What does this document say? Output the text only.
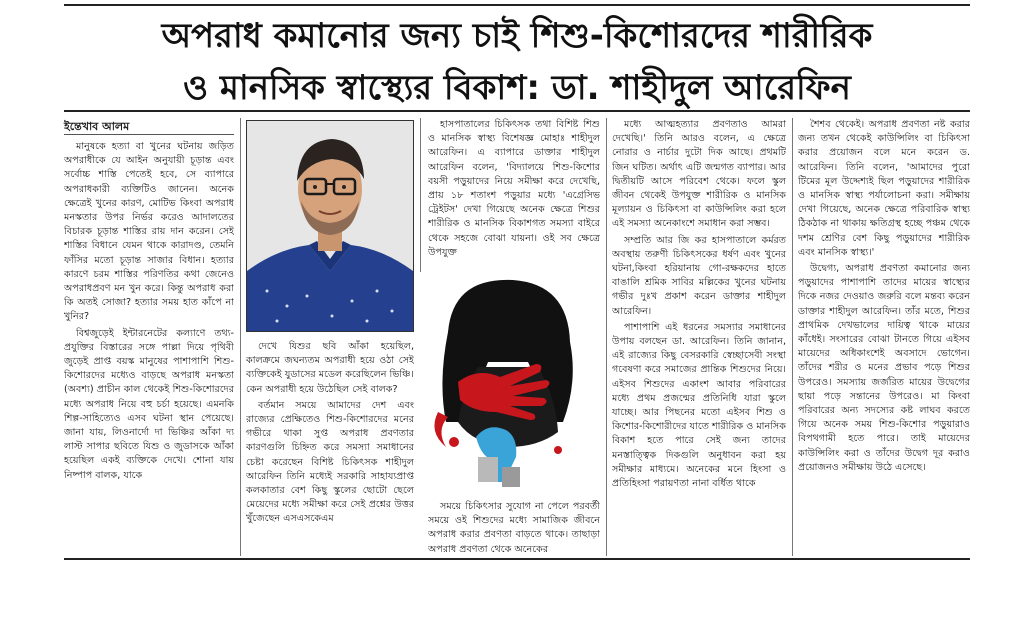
অপরাধ কমানোর জন্য চাই শিশু-কিশোরদের শারীরিক
ও মানসিক স্বাস্থ্যের বিকাশ: ডা. শাহীদুল আরেফিন
ইন্তেখাব আলম

মানুষকে হত্যা বা খুনের ঘটনায় জড়িত অপরাধীকে যে আইন অনুযায়ী চূড়ান্ত এবং সর্বোচ্চ শাস্তি পেতেই হবে, সে ব্যাপারে অপরাধকারী ব্যক্তিটিও জানেন। অনেক ক্ষেত্রেই খুনের কারণ, মোটিভ কিংবা অপরাধ মনস্কতার উপর নির্ভর করেও আদালতের বিচারক চূড়ান্ত শাস্তির রায় দান করেন। সেই শাস্তির বিধানে যেমন থাকে কারাদণ্ড, তেমনি ফাঁসির মতো চূড়ান্ত সাজার বিধান। হত্যার কারণে চরম শাস্তির পরিণতির কথা জেনেও অপরাধপ্রবণ মন খুন করে। কিন্তু অপরাধ করা কি অতই সোজা? হত্যার সময় হাত কাঁপে না খুনির?

বিশ্বজুড়েই ইন্টারনেটের কল্যাণে তথ্য-প্রযুক্তির বিস্তারের সঙ্গে পাল্লা দিয়ে পৃথিবী জুড়েই প্রাপ্ত বয়স্ক মানুষের পাশাপাশি শিশু-কিশোরদের মধ্যেও বাড়ছে অপরাধ মনস্কতা (অবশ্য) প্রাচীন কাল থেকেই শিশু-কিশোরদের মধ্যে অপরাধ নিয়ে বহু চর্চা হয়েছে। এমনকি শিল্প-সাহিত্যেও এসব ঘটনা স্থান পেয়েছে। জানা যায়, লিওনার্দো দা ভিঞ্চির আঁকা দ্য লাস্ট সাপার ছবিতে যিশু ও জুডাসকে আঁকা হয়েছিল একই ব্যক্তিকে দেখে। শোনা যায় নিষ্পাপ বালক, যাকে

দেখে যিশুর ছবি আঁকা হয়েছিল, কালক্রমে জঘন্যতম অপরাধী হয়ে ওঠা সেই ব্যক্তিকেই যুডাসের মডেল করেছিলেন ভিঞ্চি। কেন অপরাধী হয়ে উঠেছিল সেই বালক?

বর্তমান সময়ে আমাদের দেশ এবং রাজ্যের প্রেক্ষিতেও শিশু-কিশোরদের মনের গভীরে থাকা সুপ্ত অপরাধ প্রবণতার কারণগুলি চিহ্নিত করে সমস্যা সমাধানের চেষ্টা করেছেন বিশিষ্ট চিকিৎসক শাহীদুল আরেফিন তিনি মধ্যেই সরকারি সাহায্যপ্রাপ্ত কলকাতার বেশ কিছু স্কুলের ছোটো ছেলে মেয়েদের মধ্যে সমীক্ষা করে সেই প্রশ্নের উত্তর খুঁজেছেন এসএসকেএম

হাসপাতালের চিকিৎসক তথা বিশিষ্ট শিশু ও মানসিক স্বাস্থ্য বিশেষজ্ঞ মোহাঃ শাহীদুল আরেফিন। এ ব্যাপারে ডাক্তার শাহীদুল আরেফিন বলেন, 'বিদ্যালয়ে শিশু-কিশোর বয়সী পড়ুয়াদের নিয়ে সমীক্ষা করে দেখেছি, প্রায় ১৮ শতাংশ পড়ুয়ার মধ্যে 'এগ্রেসিভ ট্রেইটস' দেখা গিয়েছে অনেক ক্ষেত্রে শিশুর শারীরিক ও মানসিক বিকাশগত সমস্যা বাইরে থেকে সহজে বোঝা যায়না। ওই সব ক্ষেত্রে উপযুক্ত

সময়ে চিকিৎসার সুযোগ না পেলে পরবর্তী সময়ে ওই শিশুদের মধ্যে সামাজিক জীবনে অপরাধ করার প্রবণতা বাড়তে থাকে। তাছাড়া অপরাধ প্রবণতা থেকে অনেকের

মধ্যে আত্মহত্যার প্রবণতাও আমরা দেখেছি।' তিনি আরও বলেন, এ ক্ষেত্রে নোরার ও নার্চার দুটো দিক আছে। প্রথমটি জিন ঘটিত। অর্থাৎ এটি জন্মগত ব্যাপার। আর দ্বিতীয়টি আসে পরিবেশ থেকে। ফলে স্কুল জীবন থেকেই উপযুক্ত শারীরিক ও মানসিক মূল্যায়ন ও চিকিৎসা বা কাউন্সিলিং করা হলে এই সমস্যা অনেকাংশে সমাধান করা সম্ভব।

সম্প্রতি আর জি কর হাসপাতালে কর্মরত অবস্থায় তরুণী চিকিৎসকের ধর্ষণ এবং খুনের ঘটনা,কিংবা হরিয়ানায় গো-রক্ষকদের হাতে বাঙালি শ্রমিক সাবির মল্লিকের খুনের ঘটনায় গভীর দুঃখ প্রকাশ করেন ডাক্তার শাহীদুল আরেফিন।

পাশাপাশি এই ধরনের সমস্যার সমাধানের উপায় বলছেন ডা. আরেফিন। তিনি জানান, এই রাজ্যের কিছু বেসরকারি স্বেচ্ছাসেবী সংস্থা গবেষণা করে সমাজের প্রান্তিক শিশুদের নিয়ে। এইসব শিশুদের একাংশ আবার পরিবারের মধ্যে প্রথম প্রজন্মের প্রতিনিধি যারা স্কুলে যাচ্ছে। আর পিছনের মতো এইসব শিশু ও কিশোর-কিশোরীদের যাতে শারীরিক ও মানসিক বিকাশ হতে পারে সেই জন্য তাদের মনস্তাত্ত্বিক দিকগুলি অনুধাবন করা হয় সমীক্ষার মাধ্যমে। অনেকের মনে হিংসা ও প্রতিহিংসা পরায়ণতা নানা বর্ধিত থাকে

শৈশব থেকেই। অপরাধ প্রবণতা নষ্ট করার জন্য তখন থেকেই কাউন্সিলিং বা চিকিৎসা করার প্রয়োজন বলে মনে করেন ড. আরেফিন। তিনি বলেন, 'আমাদের পুরো টিমের মূল উদ্দেশ্যই ছিল পড়ুয়াদের শারীরিক ও মানসিক স্বাস্থ্য পর্যালোচনা করা। সমীক্ষায় দেখা গিয়েছে, অনেক ক্ষেত্রে পরিবারিক স্বাস্থ্য ঠিকঠাক না থাকায় ক্ষতিগ্রস্থ হচ্ছে পঞ্চম থেকে দশম শ্রেণির বেশ কিছু পড়ুয়াদের শারীরিক এবং মানসিক স্বাস্থ্য।'

উদ্বেগ্য, অপরাধ প্রবণতা কমানোর জন্য পড়ুয়াদের পাশাপাশি তাদের মায়ের স্বাস্থ্যের দিকে নজর দেওয়াও জরুরি বলে মন্তব্য করেন ডাক্তার শাহীদুল আরেফিন। তাঁর মতে, শিশুর প্রাথমিক দেখভালের দায়িত্ব থাকে মায়ের কাঁধেই। সংসারের বোঝা টানতে গিয়ে এইসব মায়েদের অধিকাংশেই অবসাদে ভোগেন। তাঁদের শরীর ও মনের প্রভাব পড়ে শিশুর উপরেও। সমস্যায় জর্জরিত মায়ের উদ্বেগের ছায়া পড়ে সন্তানের উপরেও। মা কিংবা পরিবারের অন্য সদস্যের কষ্ট লাঘব করতে গিয়ে অনেক সময় শিশু-কিশোর পড়ুয়ারাও বিপথগামী হতে পারে। তাই মায়েদের কাউন্সিলিং করা ও তাঁদের উদ্বেগ দূর করাও প্রয়োজনও সমীক্ষায় উঠে এসেছে।
